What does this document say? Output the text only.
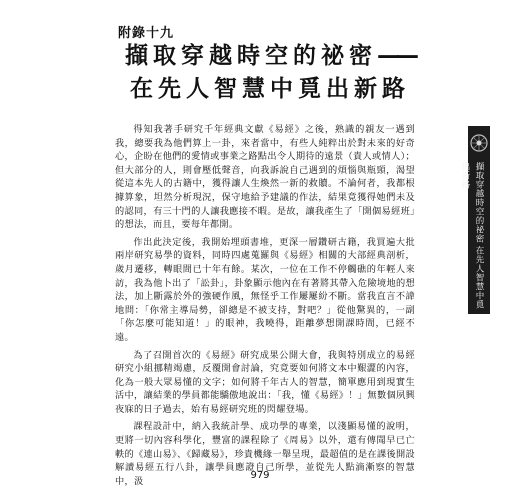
附錄十九
擷取穿越時空的祕密——
在先人智慧中覓出新路

得知我著手研究千年經典文獻《易經》之後，熟識的親友一遇到我，總要我為他們算上一卦，來者當中，有些人純粹出於對未來的好奇心，企盼在他們的愛情或事業之路點出令人期待的遠景（貴人或情人）；但大部分的人，則會壓低聲音，向我訴說自己遇到的煩惱與瓶頸，渴望從這本先人的古籍中，獲得讓人生煥然一新的救贖。不論何者，我都根據算象，坦然分析現況，保守地給予建議的作法，結果竟獲得她們未及的認同，有三十門的人讓我應接不暇。是故，讓我產生了「開個易經班」的想法，而且，要每年都開。

作出此決定後，我開始埋頭書堆，更深一層鑽研古籍，我買遍大批兩岸研究易學的資料，同時四處蒐羅與《易經》相關的大部經典剖析，歲月遷移，轉眼間已十年有餘。某次，一位在工作不停觸礁的年輕人來訪，我為他卜出了「訟卦」，卦象顯示他內在有著將其帶入危險境地的想法，加上斷露於外的強硬作風，無怪乎工作屢屢紛不斷。當我直言不諱地問：「你常主導局勢，卻總是不被支持，對吧？」從他驚異的，一副「你怎麼可能知道！」的眼神，我曉得，距離夢想開課時間，已經不遠。

為了召開首次的《易經》研究成果公開大會，我與特別成立的易經研究小組挪精竭慮，反覆開會討論，究竟要如何將文本中艱澀的內容，化為一般大眾易懂的文字；如何將千年古人的智慧，簡單應用到現實生活中，讓結業的學員都能驕傲地說出：「我，懂《易經》！」無數個夙興夜寐的日子過去，始有易經研究班的閃耀登場。

課程設計中，納入我統計學、成功學的專業，以淺顯易懂的說明，更將一切內容科學化，豐富的課程除了《周易》以外，還有傳聞早已亡軼的《連山易》、《歸藏易》，珍貴機緣一舉呈現，最超值的是在課後開設解讀易經五行八卦，讓學員應證自己所學，並從先人點滴漸察的智慧中，汲

擷取穿越時空的祕密 在先人智慧中覓出新路
979
